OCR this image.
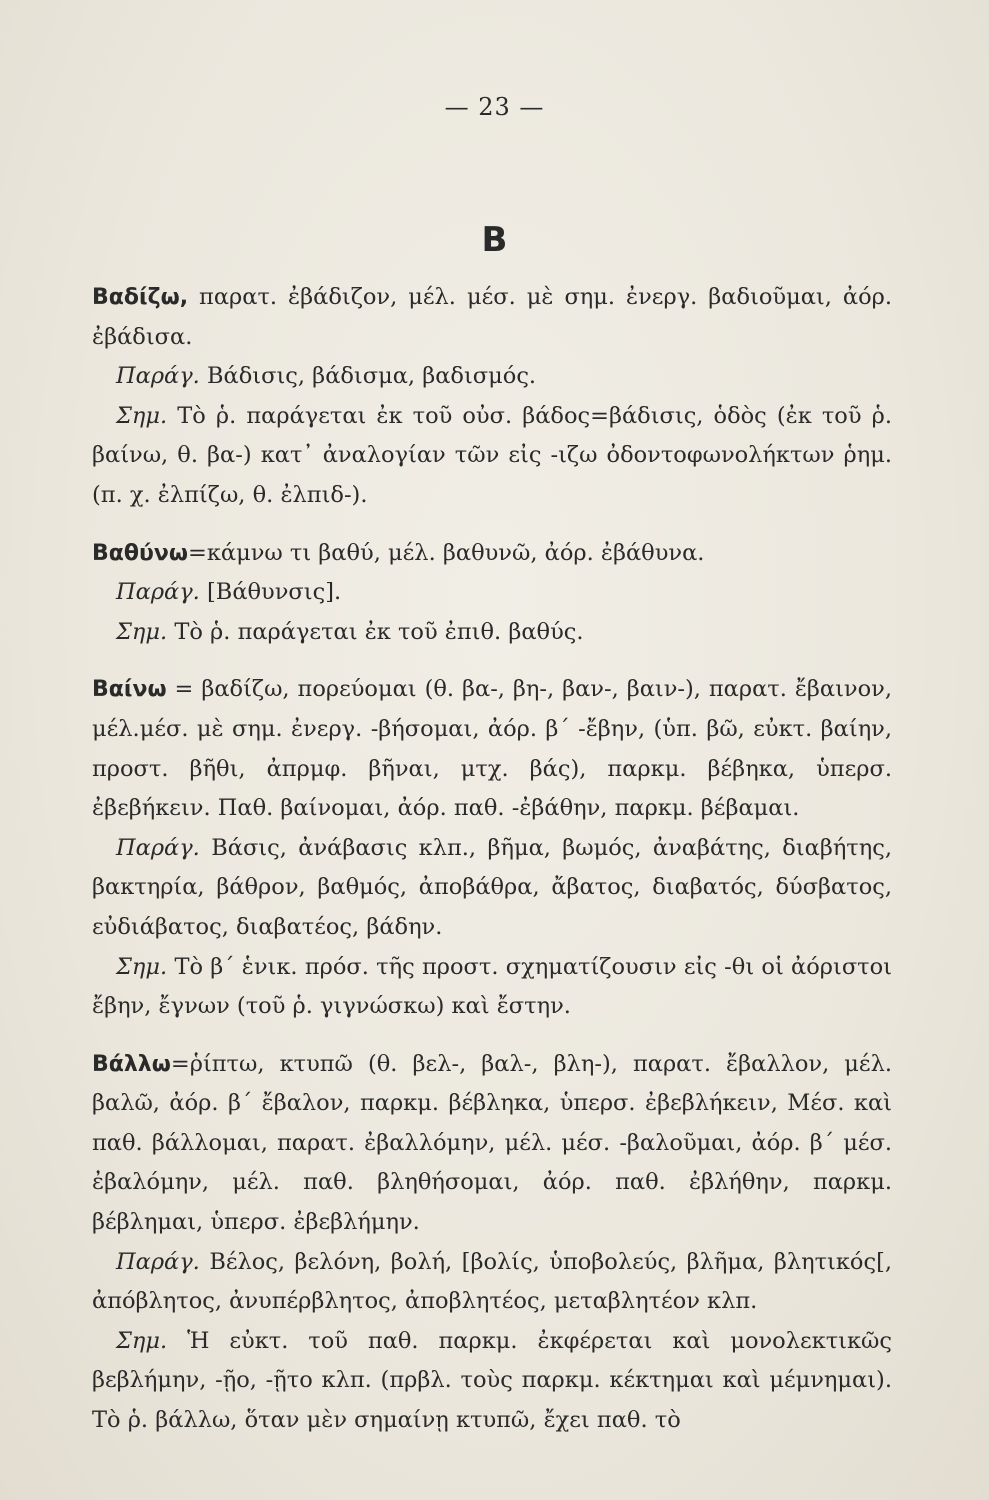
— 23 —
B

Βαδίζω, παρατ. ἐβάδιζον, μέλ. μέσ. μὲ σημ. ἐνεργ. βαδιοῦμαι, ἀόρ. ἐβάδισα.

Παράγ. Βάδισις, βάδισμα, βαδισμός.

Σημ. Τὸ ῥ. παράγεται ἐκ τοῦ οὐσ. βάδος=βάδισις, ὁδὸς (ἐκ τοῦ ῥ. βαίνω, θ. βα-) κατ᾽ ἀναλογίαν τῶν εἰς -ιζω ὀδοντοφωνολήκτων ῥημ. (π. χ. ἐλπίζω, θ. ἐλπιδ-).

Βαθύνω=κάμνω τι βαθύ, μέλ. βαθυνῶ, ἀόρ. ἐβάθυνα.

Παράγ. [Βάθυνσις].

Σημ. Τὸ ῥ. παράγεται ἐκ τοῦ ἐπιθ. βαθύς.

Βαίνω = βαδίζω, πορεύομαι (θ. βα-, βη-, βαν-, βαιν-), παρατ. ἔβαινον, μέλ.μέσ. μὲ σημ. ἐνεργ. -βήσομαι, ἀόρ. β΄ -ἔβην, (ὑπ. βῶ, εὐκτ. βαίην, προστ. βῆθι, ἀπρμφ. βῆναι, μτχ. βάς), παρκμ. βέβηκα, ὑπερσ. ἐβεβήκειν. Παθ. βαίνομαι, ἀόρ. παθ. -ἐβάθην, παρκμ. βέβαμαι.

Παράγ. Βάσις, ἀνάβασις κλπ., βῆμα, βωμός, ἀναβάτης, διαβήτης, βακτηρία, βάθρον, βαθμός, ἀποβάθρα, ἄβατος, διαβατός, δύσβατος, εὐδιάβατος, διαβατέος, βάδην.

Σημ. Τὸ β΄ ἑνικ. πρόσ. τῆς προστ. σχηματίζουσιν εἰς -θι οἱ ἀόριστοι ἔβην, ἔγνων (τοῦ ῥ. γιγνώσκω) καὶ ἔστην.

Βάλλω=ῥίπτω, κτυπῶ (θ. βελ-, βαλ-, βλη-), παρατ. ἔβαλλον, μέλ. βαλῶ, ἀόρ. β΄ ἔβαλον, παρκμ. βέβληκα, ὑπερσ. ἐβεβλήκειν, Μέσ. καὶ παθ. βάλλομαι, παρατ. ἐβαλλόμην, μέλ. μέσ. -βαλοῦμαι, ἀόρ. β΄ μέσ. ἐβαλόμην, μέλ. παθ. βληθήσομαι, ἀόρ. παθ. ἐβλήθην, παρκμ. βέβλημαι, ὑπερσ. ἐβεβλήμην.

Παράγ. Βέλος, βελόνη, βολή, [βολίς, ὑποβολεύς, βλῆμα, βλητικός[, ἀπόβλητος, ἀνυπέρβλητος, ἀποβλητέος, μεταβλητέον κλπ.

Σημ. Ἡ εὐκτ. τοῦ παθ. παρκμ. ἐκφέρεται καὶ μονολεκτικῶς βεβλήμην, -ῇο, -ῇτο κλπ. (πρβλ. τοὺς παρκμ. κέκτημαι καὶ μέμνημαι). Τὸ ῥ. βάλλω, ὅταν μὲν σημαίνῃ κτυπῶ, ἔχει παθ. τὸ
